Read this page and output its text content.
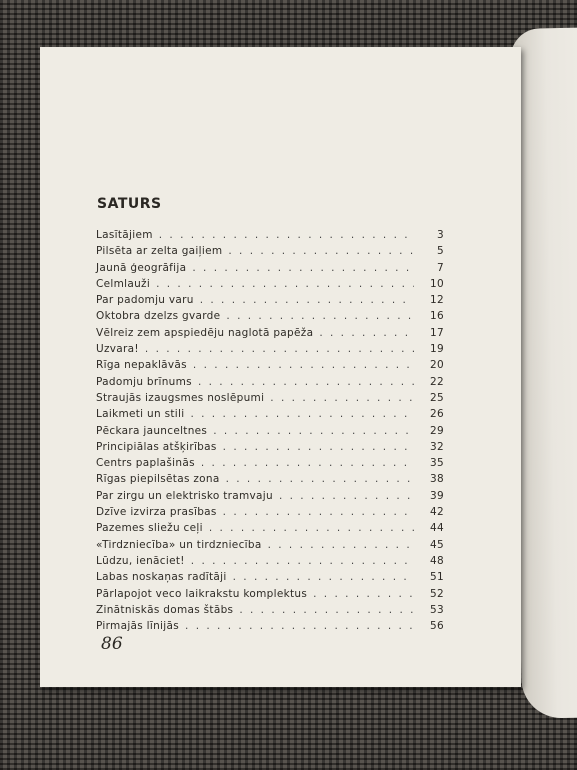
SATURS
Lasītājiem . . .	3
Pilsēta ar zelta gaiļiem . . .	5
Jaunā ģeogrāfija . . .	7
Celmlauži . . .	10
Par padomju varu . . .	12
Oktobra dzelzs gvarde . . .	16
Vēlreiz zem apspiedēju naglotā papēža . . .	17
Uzvara! . . .	19
Rīga nepaklāvās . . .	20
Padomju brīnums . . .	22
Straujās izaugsmes noslēpumi . . .	25
Laikmeti un stili . . .	26
Pēckara jaunceltnes . . .	29
Principiālas atšķirības . . .	32
Centrs paplašinās . . .	35
Rīgas piepilsētas zona . . .	38
Par zirgu un elektrisko tramvaju . . .	39
Dzīve izvirza prasības . . .	42
Pazemes sliežu ceļi . . .	44
«Tirdzniecība» un tirdzniecība . . .	45
Lūdzu, ienāciet! . . .	48
Labas noskaņas radītāji . . .	51
Pārlapojot veco laikrakstu komplektus . . .	52
Zinātniskās domas štābs . . .	53
Pirmajās līnijās . . .	56
86
